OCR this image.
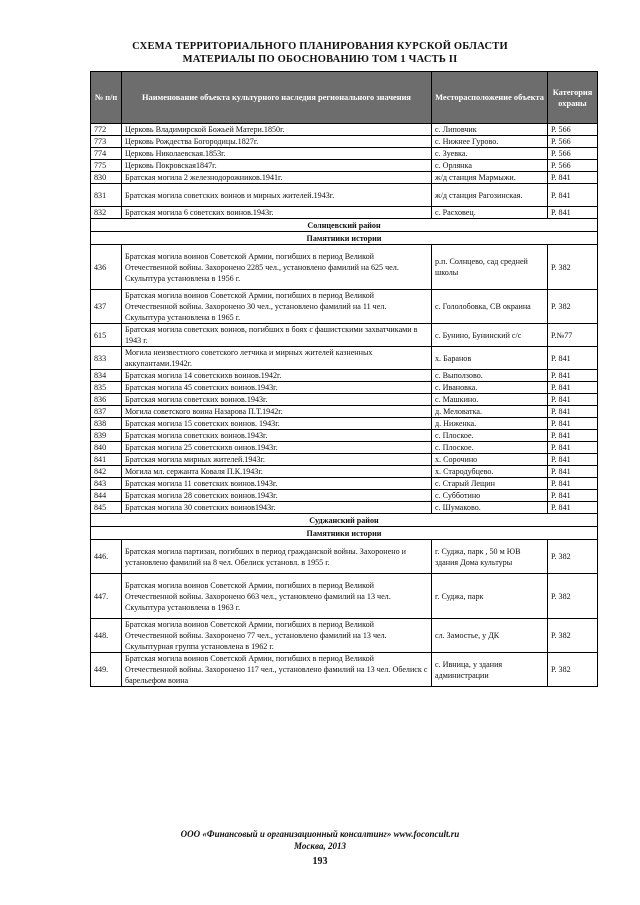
СХЕМА ТЕРРИТОРИАЛЬНОГО ПЛАНИРОВАНИЯ КУРСКОЙ ОБЛАСТИ
МАТЕРИАЛЫ ПО ОБОСНОВАНИЮ ТОМ 1 ЧАСТЬ II
№ п/п	Наименование объекта культурного наследия регионального значения	Месторасположение объекта	Категория охраны
772	Церковь Владимирской Божьей Матери.1850г.	с. Липовчик	Р. 566
773	Церковь Рождества Богородицы.1827г.	с. Нижнее Гурово.	Р. 566
774	Церковь Николаевская.1853г.	с. Зуевка.	Р. 566
775	Церковь Покровская1847г.	с. Орлянка	Р. 566
830	Братская могила 2 железнодорожников.1941г.	ж/д станция Мармыжи.	Р. 841
831	Братская могила советских воинов и мирных жителей.1943г.	ж/д станция Рагозинская.	Р. 841
832	Братская могила 6 советских воинов.1943г.	с. Расховец.	Р. 841
Солнцевский район			
Памятники истории			
436	Братская могила воинов Советской Армии, погибших в период Великой Отечественной войны. Захоронено 2285 чел., установлено фамилий на 625 чел. Скульптура установлена в 1956 г.	р.п. Солнцево, сад средней школы	Р. 382
437	Братская могила воинов Советской Армии, погибших в период Великой Отечественной войны. Захоронено 30 чел., установлено фамилий на 11 чел. Скульптура установлена в 1965 г.	с. Гололобовка, СВ окраина	Р. 382
615	Братская могила советских воинов, погибших в боях с фашистскими захватчиками в 1943 г.	с. Бунино, Бунинский с/с	Р.№77
833	Могила неизвестного советского летчика и мирных жителей казненных аккупантами.1942г.	х. Баранов	Р. 841
834	Братская могила 14 советскихв воинов.1942г.	с. Выползово.	Р. 841
835	Братская могила 45 советских воинов.1943г.	с. Ивановка.	Р. 841
836	Братская могила советских воинов.1943г.	с. Машкино.	Р. 841
837	Могила советского воина Назарова П.Т.1942г.	д. Меловатка.	Р. 841
838	Братская могила 15 советских воинов. 1943г.	д. Ниженка.	Р. 841
839	Братская могила советских воинов.1943г.	с. Плоское.	Р. 841
840	Братская могила 25 советскихв оинов.1943г.	с. Плоское.	Р. 841
841	Братская могила мирных жителей.1943г.	х. Сорочино	Р. 841
842	Могила мл. сержанта Коваля П.К.1943г.	х. Стародубцево.	Р. 841
843	Братская могила 11 советских воинов.1943г.	с. Старый Лещин	Р. 841
844	Братская могила 28 советских воинов.1943г.	с. Субботино	Р. 841
845	Братская могила 30 советских воинов1943г.	с. Шумаково.	Р. 841
Суджанский район			
Памятники истории			
446.	Братская могила партизан, погибших в период гражданской войны. Захоронено и установлено фамилий на 8 чел. Обелиск установл. в 1955 г.	г. Суджа, парк , 50 м ЮВ здания Дома культуры	Р. 382
447.	Братская могила воинов Советской Армии, погибших в период Великой Отечественной войны. Захоронено 663 чел., установлено фамилий на 13 чел. Скульптура установлена в 1963 г.	г. Суджа, парк	Р. 382
448.	Братская могила воинов Советской Армии, погибших в период Великой Отечественной войны. Захоронено 77 чел., установлено фамилий на 13 чел. Скульптурная группа установлена в 1962 г.	сл. Замостье, у ДК	Р. 382
449.	Братская могила воинов Советской Армии, погибших в период Великой Отечественной войны. Захоронено 117 чел., установлено фамилий на 13 чел. Обелиск с барельефом воина	с. Ивница, у здания администрации	Р. 382
ООО «Финансовый и организационный консалтинг» www.foconcult.ru
Москва, 2013
193
